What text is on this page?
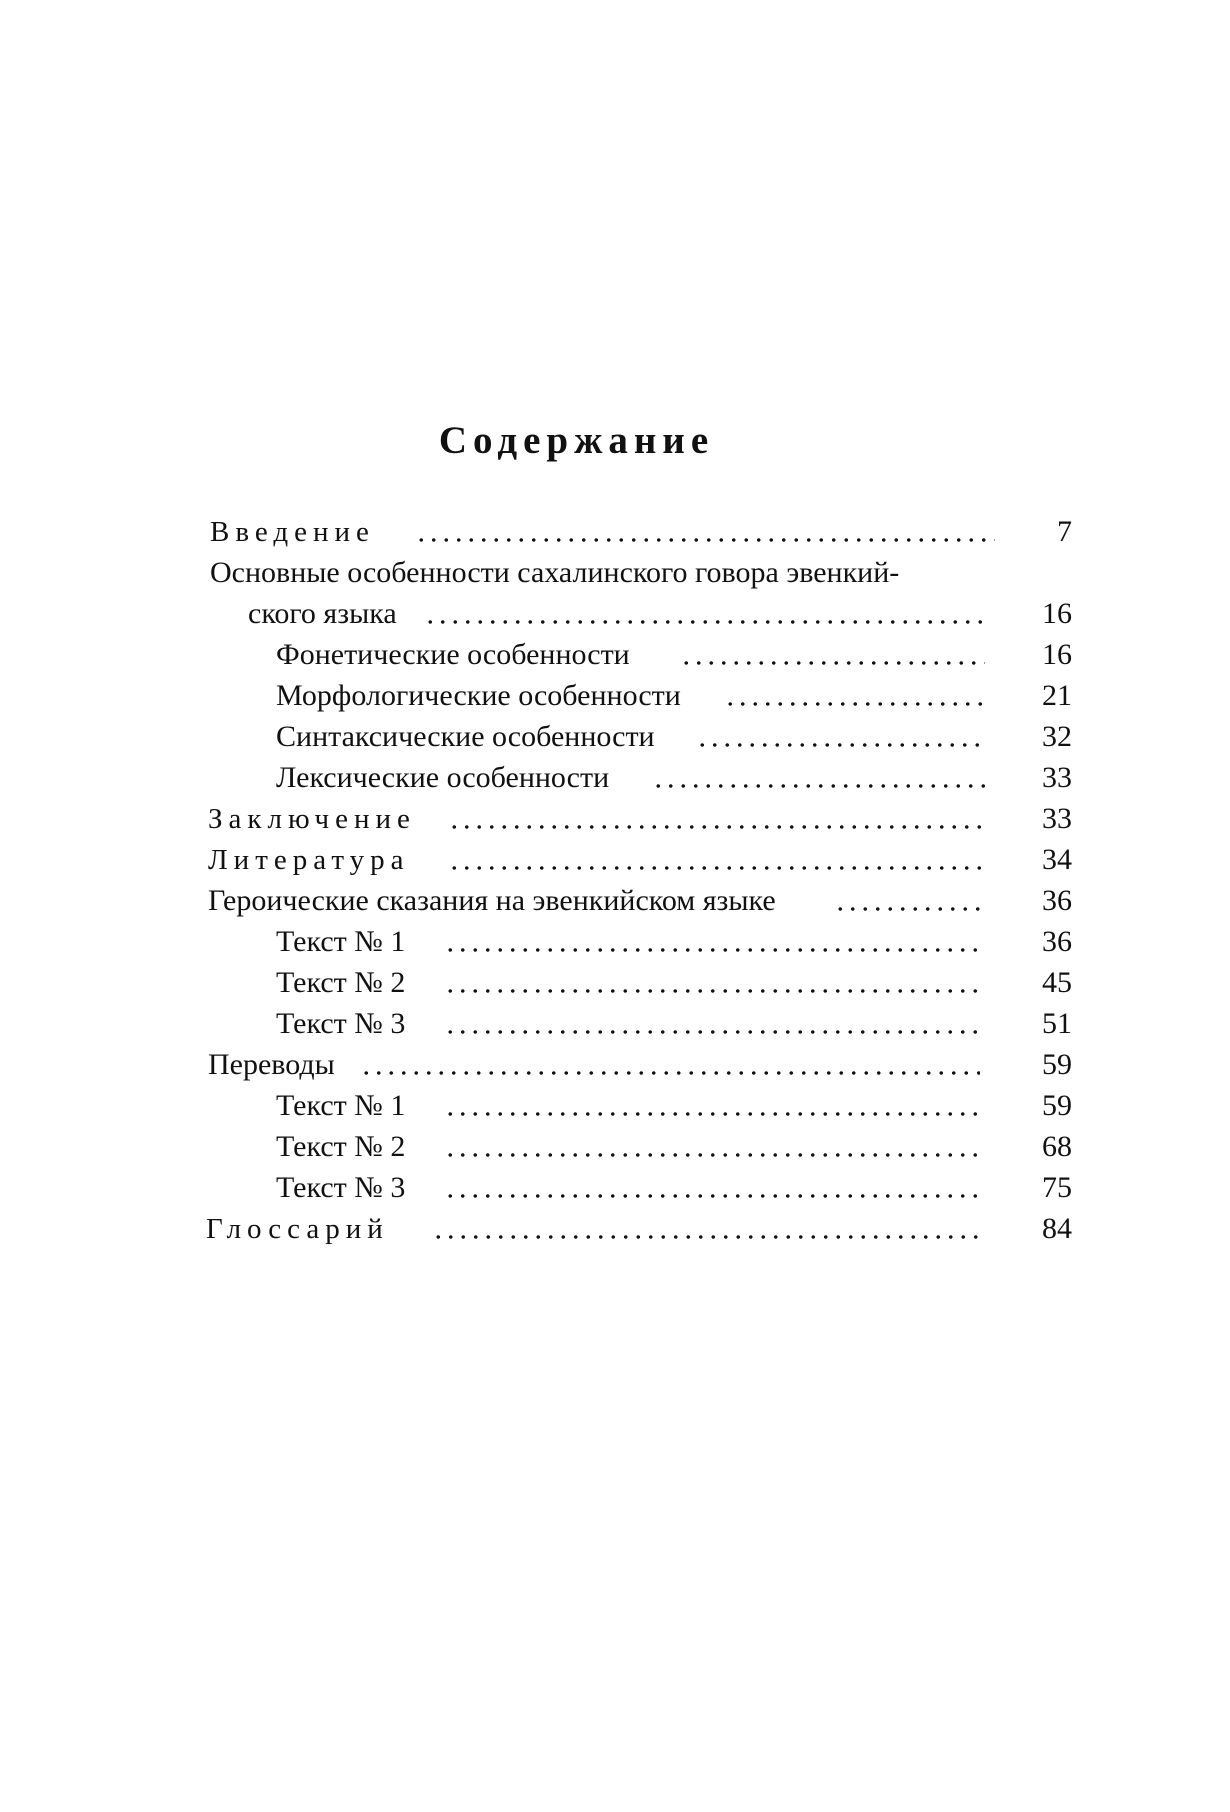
Содержание
Введение	7
Основные особенности сахалинского говора эвенкий-
ского языка	16
Фонетические особенности	16
Морфологические особенности	21
Синтаксические особенности	32
Лексические особенности	33
Заключение	33
Литература	34
Героические сказания на эвенкийском языке	36
Текст № 1	36
Текст № 2	45
Текст № 3	51
Переводы	59
Текст № 1	59
Текст № 2	68
Текст № 3	75
Глоссарий	84
